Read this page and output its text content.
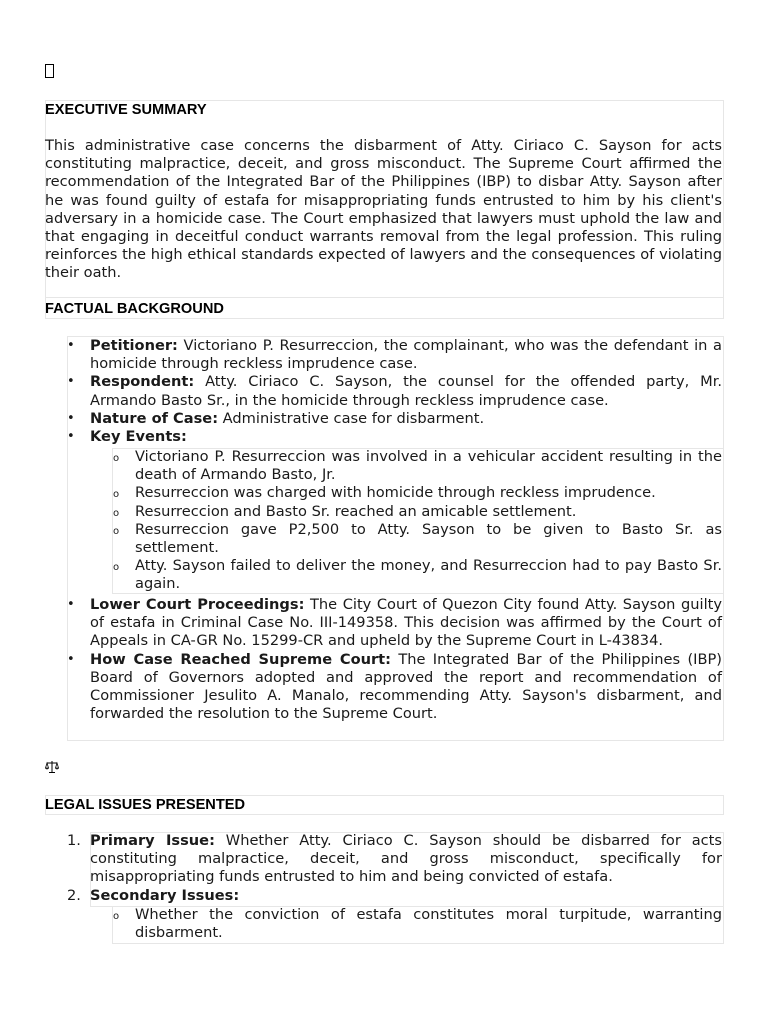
EXECUTIVE SUMMARY
This administrative case concerns the disbarment of Atty. Ciriaco C. Sayson for acts constituting malpractice, deceit, and gross misconduct. The Supreme Court affirmed the recommendation of the Integrated Bar of the Philippines (IBP) to disbar Atty. Sayson after he was found guilty of estafa for misappropriating funds entrusted to him by his client's adversary in a homicide case. The Court emphasized that lawyers must uphold the law and that engaging in deceitful conduct warrants removal from the legal profession. This ruling reinforces the high ethical standards expected of lawyers and the consequences of violating their oath.
FACTUAL BACKGROUND
• Petitioner: Victoriano P. Resurreccion, the complainant, who was the defendant in a homicide through reckless imprudence case.
• Respondent: Atty. Ciriaco C. Sayson, the counsel for the offended party, Mr. Armando Basto Sr., in the homicide through reckless imprudence case.
• Nature of Case: Administrative case for disbarment.
• Key Events:
o Victoriano P. Resurreccion was involved in a vehicular accident resulting in the death of Armando Basto, Jr.
o Resurreccion was charged with homicide through reckless imprudence.
o Resurreccion and Basto Sr. reached an amicable settlement.
o Resurreccion gave P2,500 to Atty. Sayson to be given to Basto Sr. as settlement.
o Atty. Sayson failed to deliver the money, and Resurreccion had to pay Basto Sr. again.
• Lower Court Proceedings: The City Court of Quezon City found Atty. Sayson guilty of estafa in Criminal Case No. III-149358. This decision was affirmed by the Court of Appeals in CA-GR No. 15299-CR and upheld by the Supreme Court in L-43834.
• How Case Reached Supreme Court: The Integrated Bar of the Philippines (IBP) Board of Governors adopted and approved the report and recommendation of Commissioner Jesulito A. Manalo, recommending Atty. Sayson's disbarment, and forwarded the resolution to the Supreme Court.
LEGAL ISSUES PRESENTED
1. Primary Issue: Whether Atty. Ciriaco C. Sayson should be disbarred for acts constituting malpractice, deceit, and gross misconduct, specifically for misappropriating funds entrusted to him and being convicted of estafa.
2. Secondary Issues:
o Whether the conviction of estafa constitutes moral turpitude, warranting disbarment.
